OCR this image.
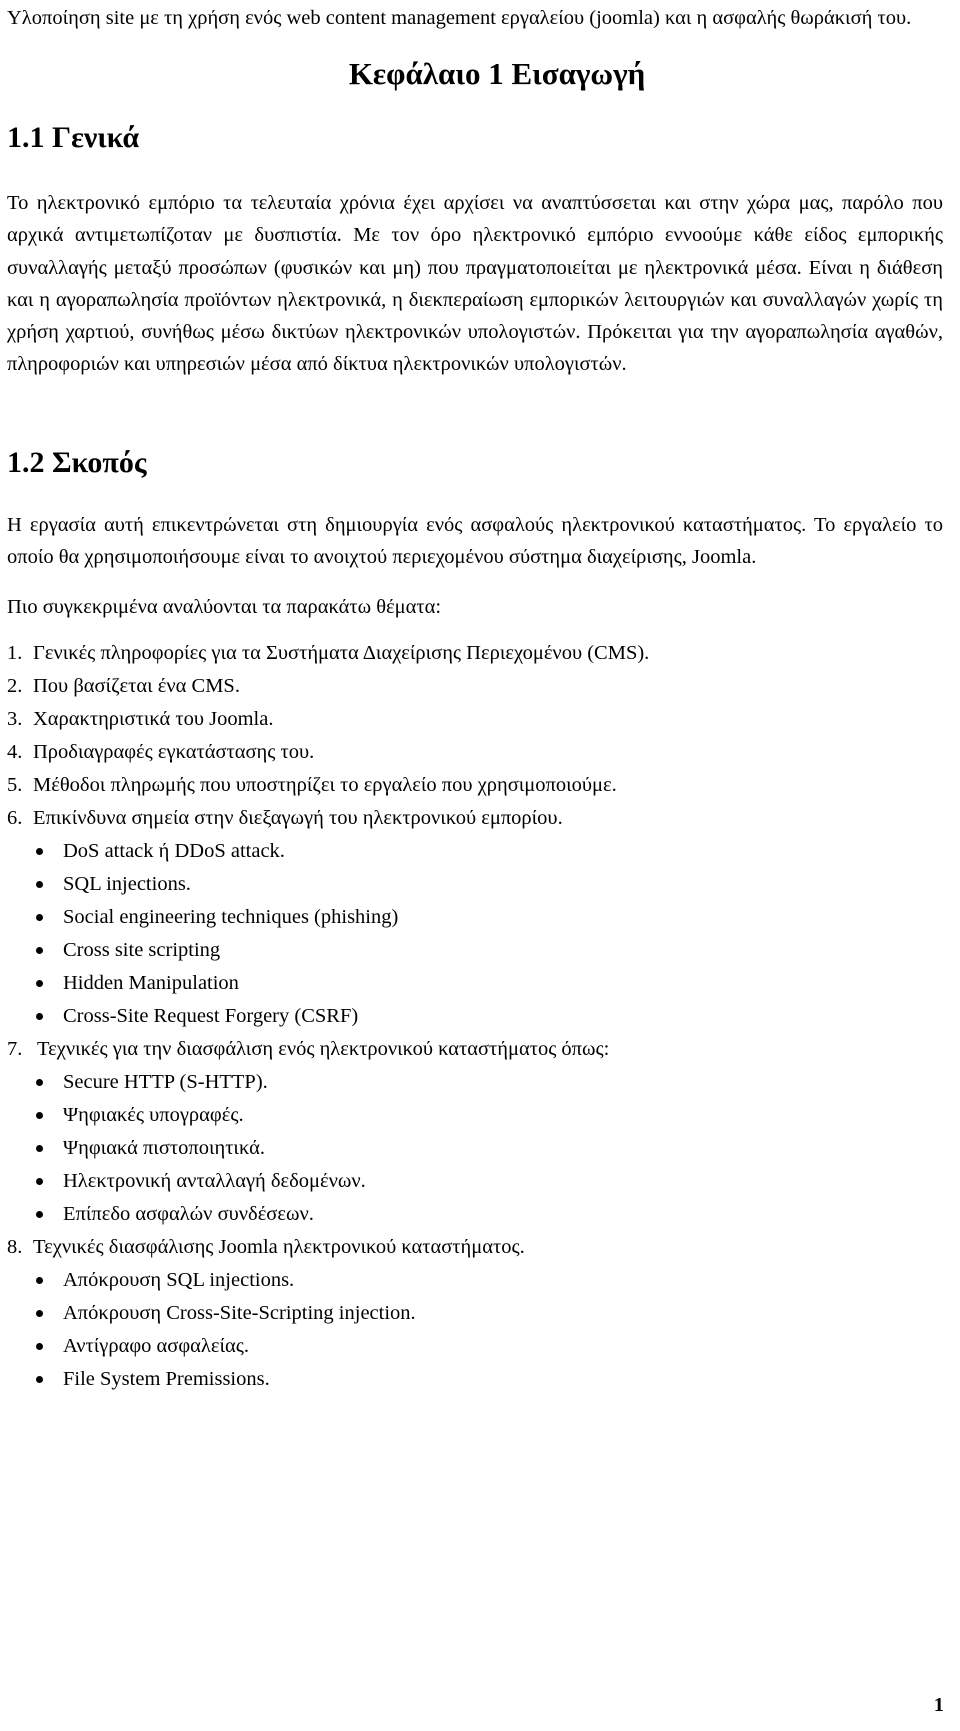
Υλοποίηση site με τη χρήση ενός web content management εργαλείου (joomla) και η ασφαλής θωράκισή του.
Κεφάλαιο 1 Εισαγωγή
1.1 Γενικά

Το ηλεκτρονικό εμπόριο τα τελευταία χρόνια έχει αρχίσει να αναπτύσσεται και στην χώρα μας, παρόλο που αρχικά αντιμετωπίζοταν με δυσπιστία. Με τον όρο ηλεκτρονικό εμπόριο εννοούμε κάθε είδος εμπορικής συναλλαγής μεταξύ προσώπων (φυσικών και μη) που πραγματοποιείται με ηλεκτρονικά μέσα. Είναι η διάθεση και η αγοραπωλησία προϊόντων ηλεκτρονικά, η διεκπεραίωση εμπορικών λειτουργιών και συναλλαγών χωρίς τη χρήση χαρτιού, συνήθως μέσω δικτύων ηλεκτρονικών υπολογιστών. Πρόκειται για την αγοραπωλησία αγαθών, πληροφοριών και υπηρεσιών μέσα από δίκτυα ηλεκτρονικών υπολογιστών.

1.2 Σκοπός

Η εργασία αυτή επικεντρώνεται στη δημιουργία ενός ασφαλούς ηλεκτρονικού καταστήματος. Το εργαλείο το οποίο θα χρησιμοποιήσουμε είναι το ανοιχτού περιεχομένου σύστημα διαχείρισης, Joomla.

Πιο συγκεκριμένα αναλύονται τα παρακάτω θέματα:

1. Γενικές πληροφορίες για τα Συστήματα Διαχείρισης Περιεχομένου (CMS).
2. Που βασίζεται ένα CMS.
3. Χαρακτηριστικά του Joomla.
4. Προδιαγραφές εγκατάστασης του.
5. Μέθοδοι πληρωμής που υποστηρίζει το εργαλείο που χρησιμοποιούμε.
6. Επικίνδυνα σημεία στην διεξαγωγή του ηλεκτρονικού εμπορίου.
DoS attack ή DDoS attack.
SQL injections.
Social engineering techniques (phishing)
Cross site scripting
Hidden Manipulation
Cross-Site Request Forgery (CSRF)
7. Τεχνικές για την διασφάλιση ενός ηλεκτρονικού καταστήματος όπως:
Secure HTTP (S-HTTP).
Ψηφιακές υπογραφές.
Ψηφιακά πιστοποιητικά.
Ηλεκτρονική ανταλλαγή δεδομένων.
Επίπεδο ασφαλών συνδέσεων.
8. Τεχνικές διασφάλισης Joomla ηλεκτρονικού καταστήματος.
Απόκρουση SQL injections.
Απόκρουση Cross-Site-Scripting injection.
Αντίγραφο ασφαλείας.
File System Premissions.
1
